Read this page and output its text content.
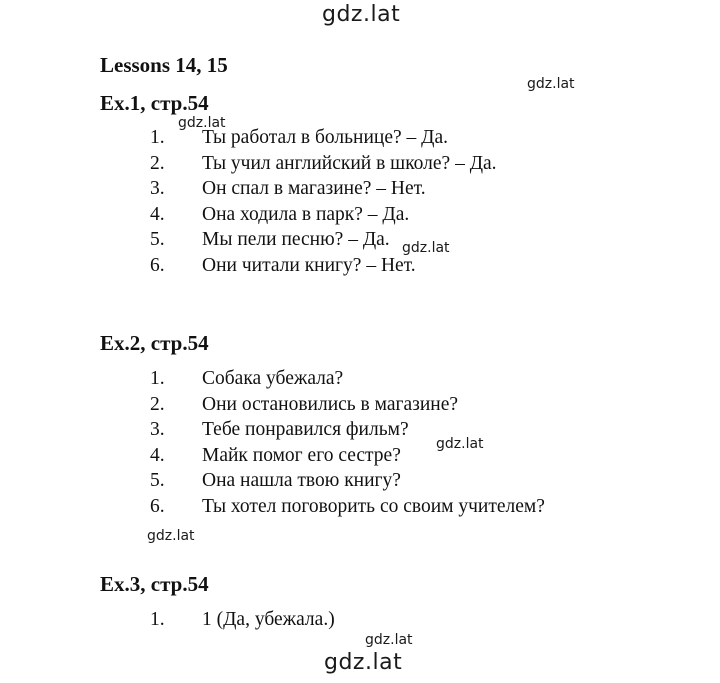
gdz.lat
gdz.lat
gdz.lat
gdz.lat
gdz.lat
gdz.lat
gdz.lat
gdz.lat
Lessons 14, 15
Ex.1, стр.54
1. Ты работал в больнице? – Да.
2. Ты учил английский в школе? – Да.
3. Он спал в магазине? – Нет.
4. Она ходила в парк? – Да.
5. Мы пели песню? – Да.
6. Они читали книгу? – Нет.
Ex.2, стр.54
1. Собака убежала?
2. Они остановились в магазине?
3. Тебе понравился фильм?
4. Майк помог его сестре?
5. Она нашла твою книгу?
6. Ты хотел поговорить со своим учителем?
Ex.3, стр.54
1. 1 (Да, убежала.)
